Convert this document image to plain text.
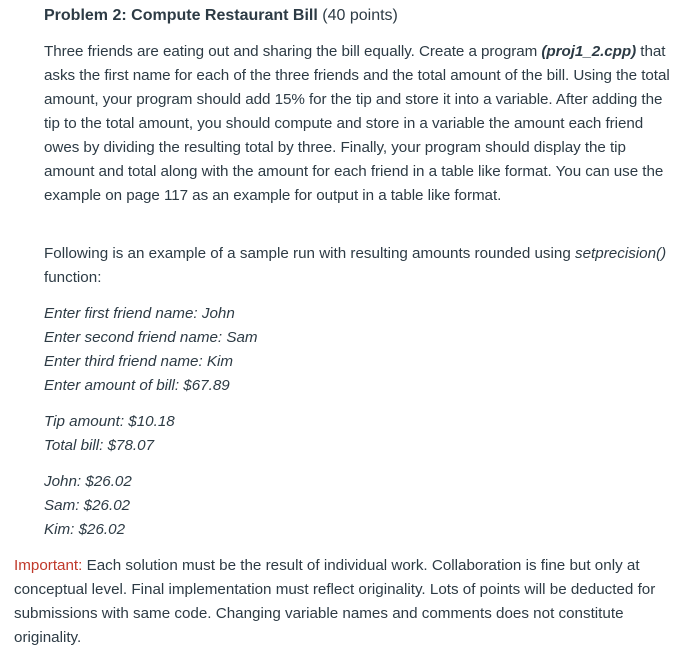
Problem 2: Compute Restaurant Bill (40 points)

Three friends are eating out and sharing the bill equally. Create a program (proj1_2.cpp) that asks the first name for each of the three friends and the total amount of the bill. Using the total amount, your program should add 15% for the tip and store it into a variable. After adding the tip to the total amount, you should compute and store in a variable the amount each friend owes by dividing the resulting total by three. Finally, your program should display the tip amount and total along with the amount for each friend in a table like format. You can use the example on page 117 as an example for output in a table like format.

Following is an example of a sample run with resulting amounts rounded using setprecision() function:

Enter first friend name: John
Enter second friend name: Sam
Enter third friend name: Kim
Enter amount of bill: $67.89
Tip amount: $10.18
Total bill: $78.07
John: $26.02
Sam: $26.02
Kim: $26.02

Important: Each solution must be the result of individual work. Collaboration is fine but only at conceptual level. Final implementation must reflect originality. Lots of points will be deducted for submissions with same code. Changing variable names and comments does not constitute originality.
